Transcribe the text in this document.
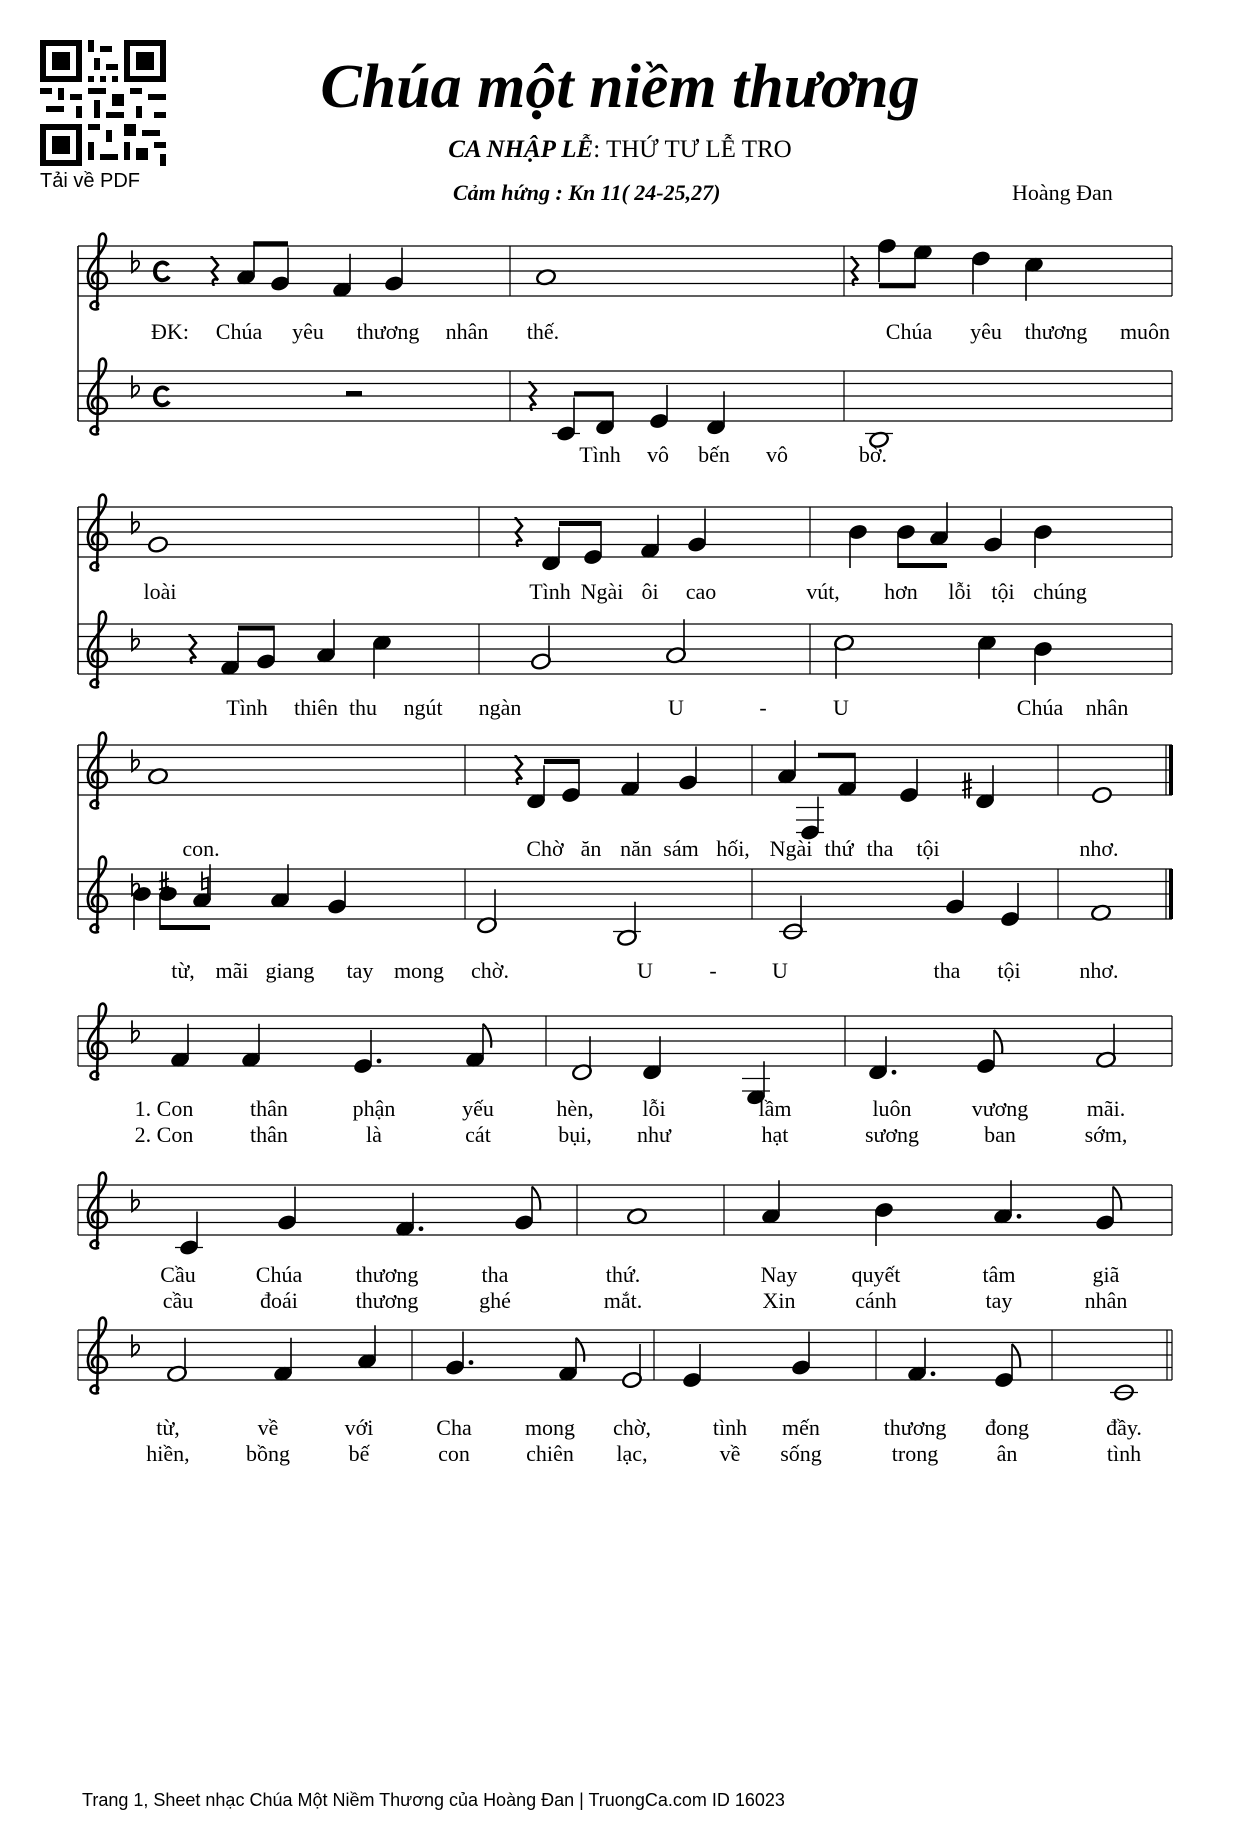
Tải về PDF
Chúa một niềm thương
CA NHẬP LỄ: THỨ TƯ LỄ TRO
Cảm hứng : Kn 11( 24-25,27)	Hoàng Đan
ĐK: Chúa yêu thương nhân thế.	Chúa yêu thương muôn
Tình vô bến vô	bờ.
loài	Tình Ngài ôi cao	vút, hơn lỗi tội chúng
Tình thiên thu ngút ngàn	U	-	U	Chúa nhân
con.	Chờ ăn năn sám hối, Ngài thứ tha tội	nhơ.
từ, mãi giang tay mong chờ.	U	-	U	tha tội	nhơ.
1. Con	thân	phận	yếu	hèn, lỗi	lầm	luôn	vương	mãi.
2. Con	thân	là	cát	bụi, như	hạt	sương	ban	sớm,
Cầu	Chúa thương	tha	thứ.	Nay quyết	tâm	giã
cầu	đoái	thương	ghé	mắt.	Xin	cánh	tay	nhân
từ,	về	với	Cha mong chờ,	tình mến	thương đong	đầy.
hiền,	bồng	bế	con	chiên lạc,	về sống	trong	ân	tình
Trang 1, Sheet nhạc Chúa Một Niềm Thương của Hoàng Đan | TruongCa.com ID 16023
